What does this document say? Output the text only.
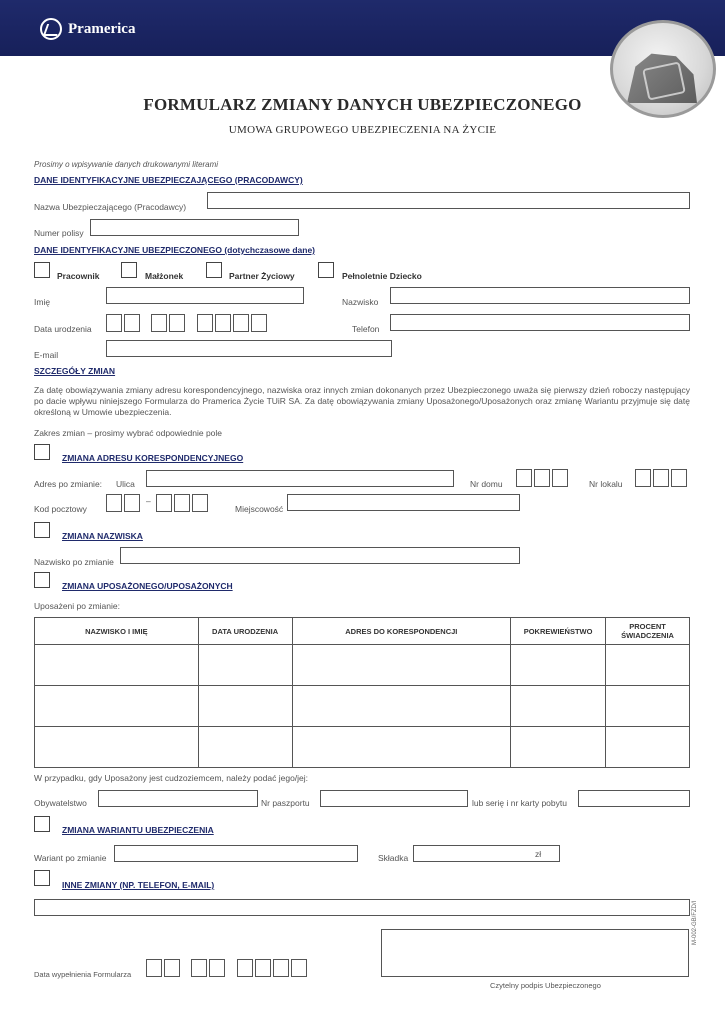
Pramerica
FORMULARZ ZMIANY DANYCH UBEZPIECZONEGO
UMOWA GRUPOWEGO UBEZPIECZENIA NA ŻYCIE
Prosimy o wpisywanie danych drukowanymi literami
DANE IDENTYFIKACYJNE UBEZPIECZAJĄCEGO (PRACODAWCY)
Nazwa Ubezpieczającego (Pracodawcy)
Numer polisy
DANE IDENTYFIKACYJNE UBEZPIECZONEGO (dotychczasowe dane)
Pracownik	Małżonek	Partner Życiowy	Pełnoletnie Dziecko
Imię	Nazwisko
Data urodzenia	Telefon
E-mail
SZCZEGÓŁY ZMIAN
Za datę obowiązywania zmiany adresu korespondencyjnego, nazwiska oraz innych zmian dokonanych przez Ubezpieczonego uważa się pierwszy dzień roboczy następujący po dacie wpływu niniejszego Formularza do Pramerica Życie TUiR SA. Za datę obowiązywania zmiany Uposażonego/Uposażonych oraz zmianę Wariantu przyjmuje się datę określoną w Umowie ubezpieczenia.
Zakres zmian – prosimy wybrać odpowiednie pole
ZMIANA ADRESU KORESPONDENCYJNEGO
Adres po zmianie: Ulica	Nr domu	Nr lokalu
Kod pocztowy
–
Miejscowość
ZMIANA NAZWISKA
Nazwisko po zmianie
ZMIANA UPOSAŻONEGO/UPOSAŻONYCH
Uposażeni po zmianie:
NAZWISKO I IMIĘ	DATA URODZENIA	ADRES DO KORESPONDENCJI	POKREWIEŃSTWO	PROCENT ŚWIADCZENIA

W przypadku, gdy Uposażony jest cudzoziemcem, należy podać jego/jej:
Obywatelstwo	Nr paszportu	lub serię i nr karty pobytu
ZMIANA WARIANTU UBEZPIECZENIA
Wariant po zmianie	Składka	zł
INNE ZMIANY (NP. TELEFON, E-MAIL)
Data wypełnienia Formularza
Czytelny podpis Ubezpieczonego
M-002-GB/FZD/I
